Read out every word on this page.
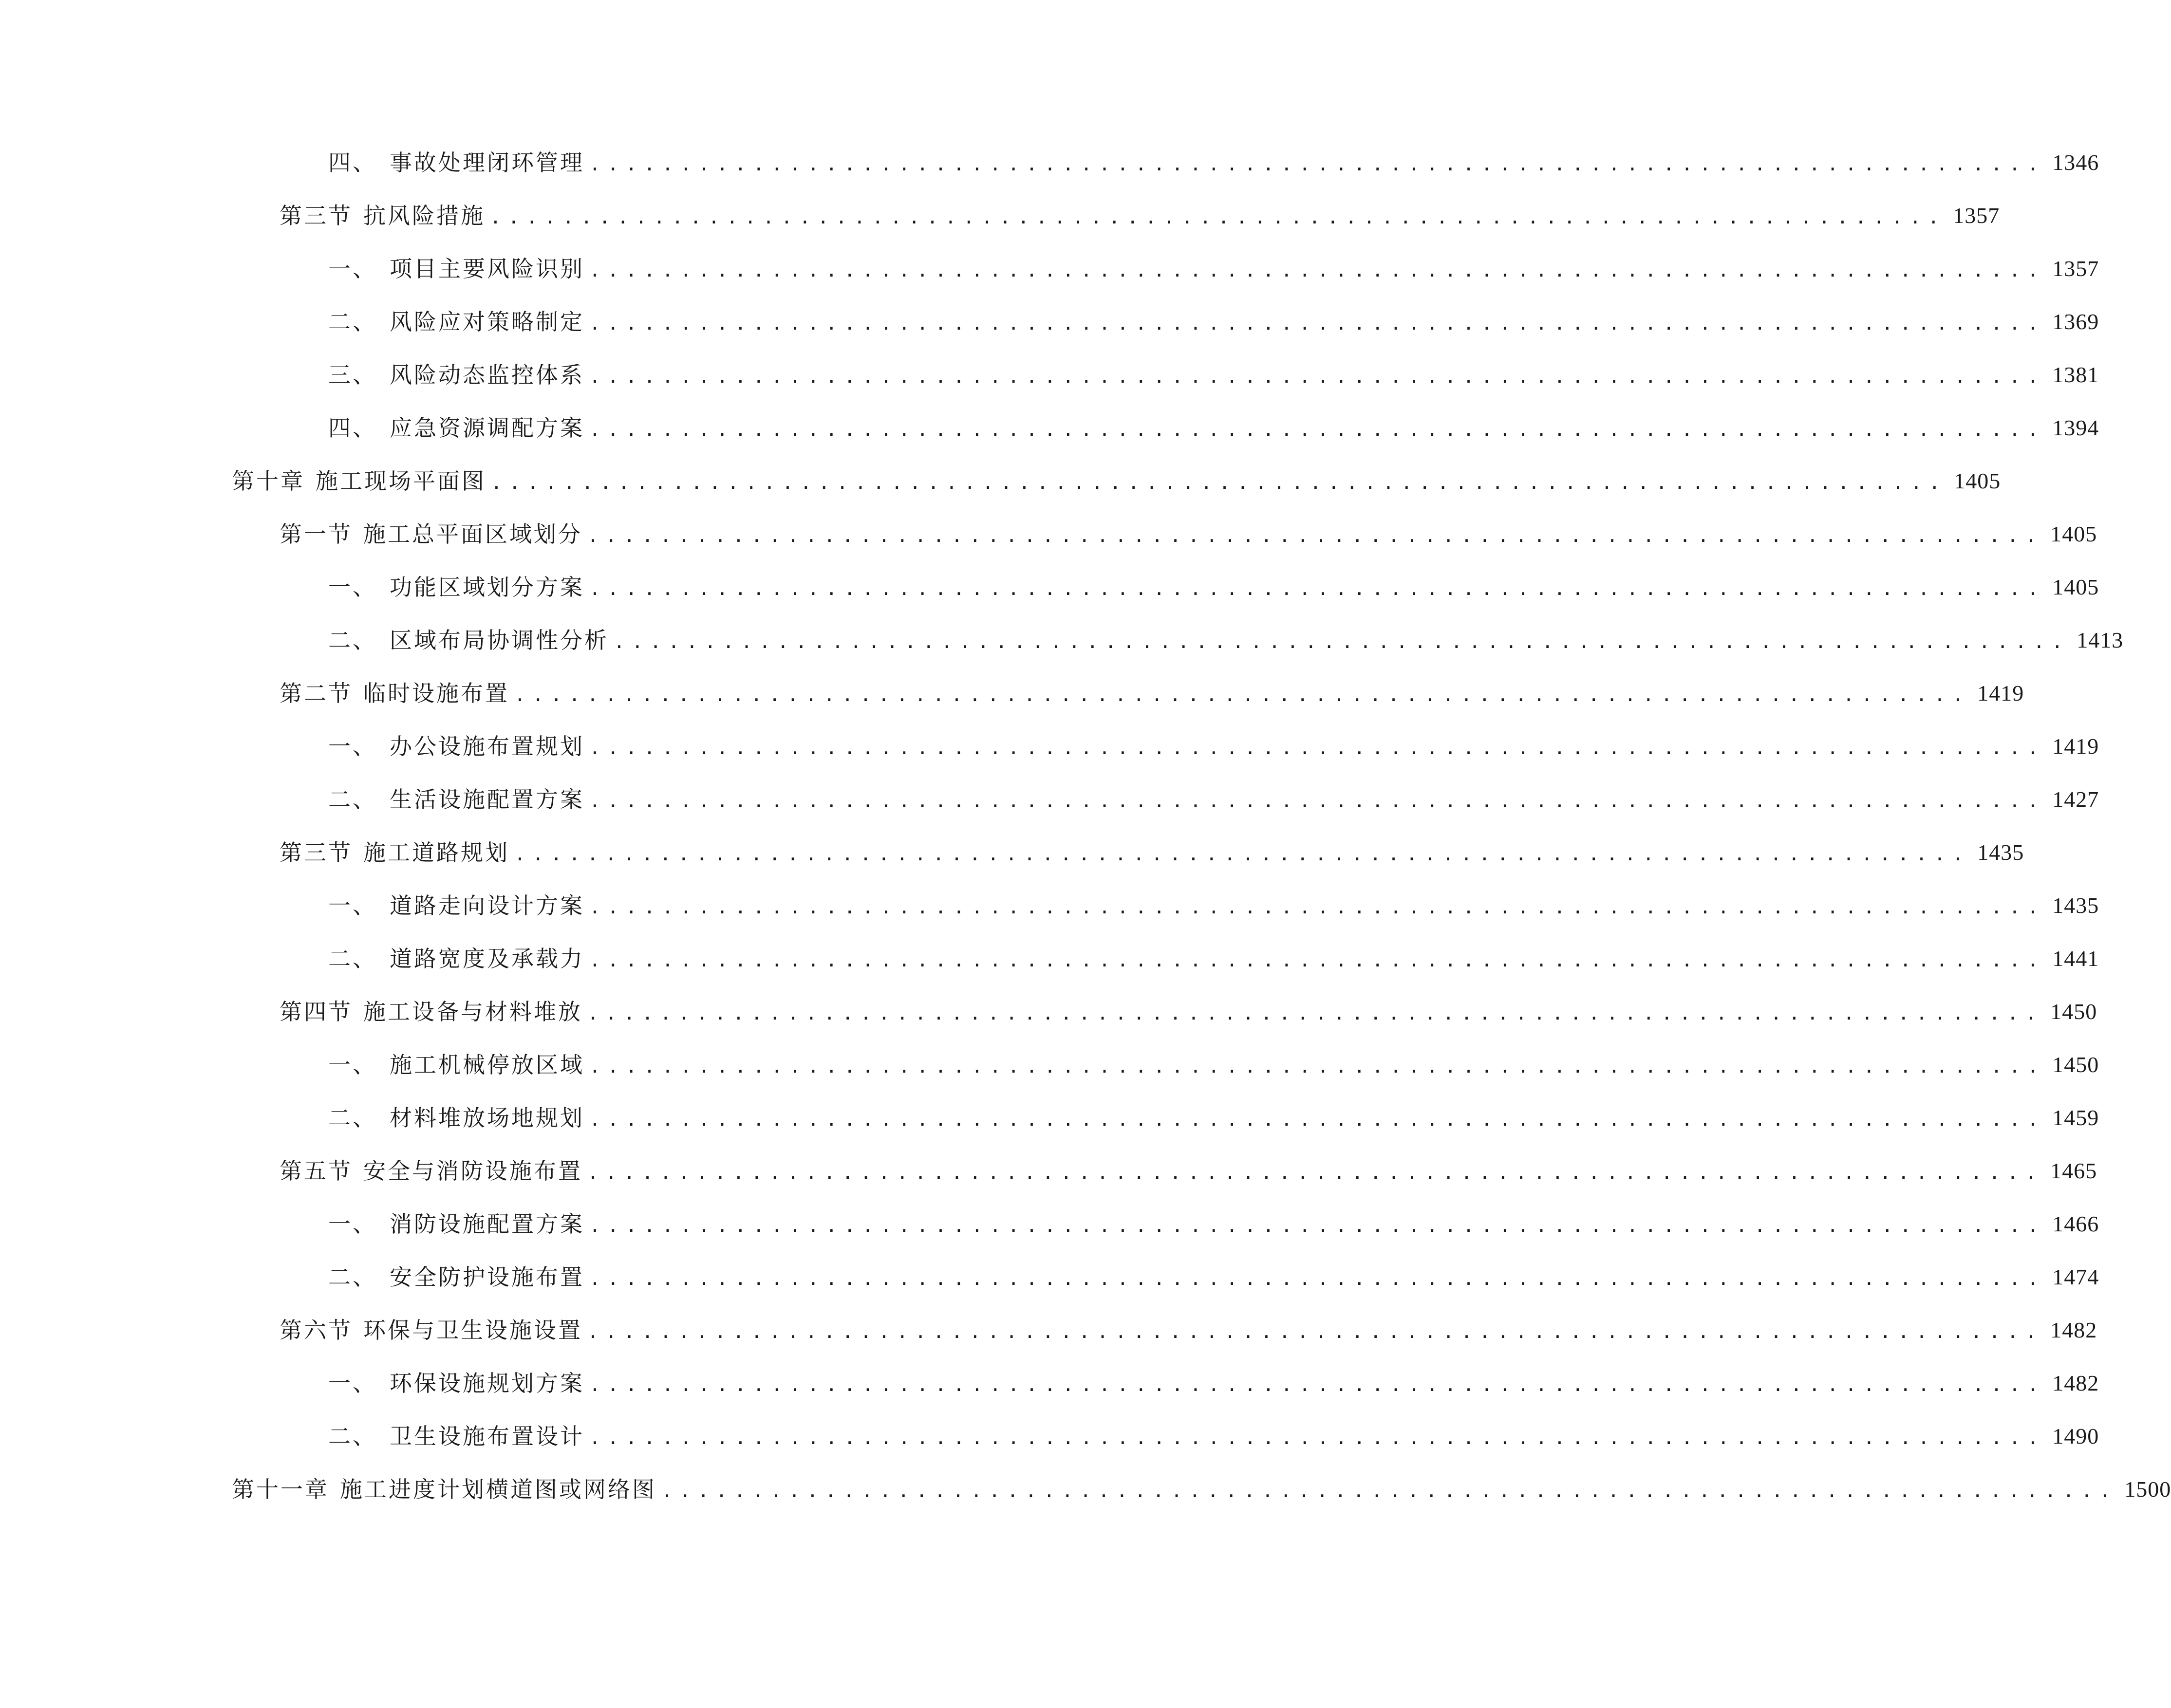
四、 事故处理闭环管理 ................................................................................ 1346
第三节 抗风险措施 ................................................................................ 1357
一、 项目主要风险识别 ................................................................................ 1357
二、 风险应对策略制定 ................................................................................ 1369
三、 风险动态监控体系 ................................................................................ 1381
四、 应急资源调配方案 ................................................................................ 1394
第十章 施工现场平面图 ................................................................................ 1405
第一节 施工总平面区域划分 ................................................................................ 1405
一、 功能区域划分方案 ................................................................................ 1405
二、 区域布局协调性分析 ................................................................................ 1413
第二节 临时设施布置 ................................................................................ 1419
一、 办公设施布置规划 ................................................................................ 1419
二、 生活设施配置方案 ................................................................................ 1427
第三节 施工道路规划 ................................................................................ 1435
一、 道路走向设计方案 ................................................................................ 1435
二、 道路宽度及承载力 ................................................................................ 1441
第四节 施工设备与材料堆放 ................................................................................ 1450
一、 施工机械停放区域 ................................................................................ 1450
二、 材料堆放场地规划 ................................................................................ 1459
第五节 安全与消防设施布置 ................................................................................ 1465
一、 消防设施配置方案 ................................................................................ 1466
二、 安全防护设施布置 ................................................................................ 1474
第六节 环保与卫生设施设置 ................................................................................ 1482
一、 环保设施规划方案 ................................................................................ 1482
二、 卫生设施布置设计 ................................................................................ 1490
第十一章 施工进度计划横道图或网络图 ................................................................................ 1500
